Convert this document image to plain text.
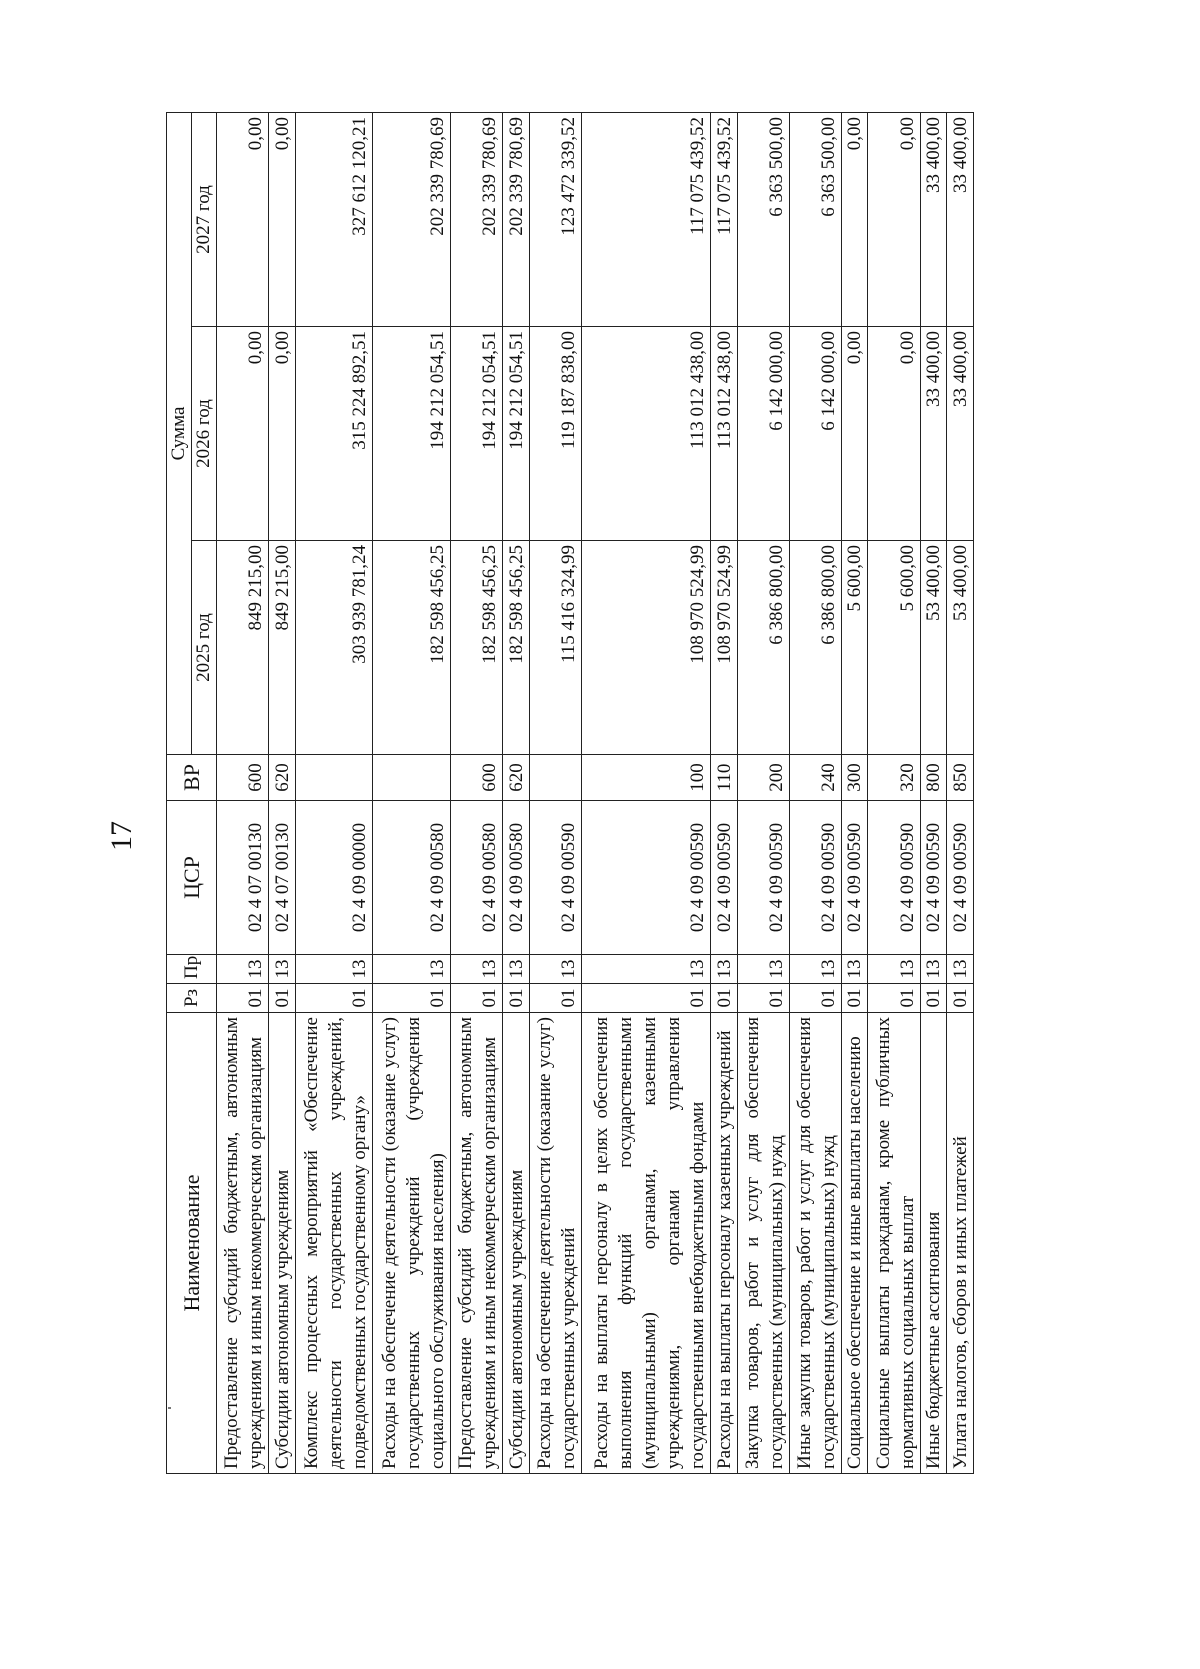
17
Наименование	Рз	Пр	ЦСР	ВР	Сумма		
					2025 год	2026 год	2027 год
Предоставление субсидий бюджетным, автономным учреждениям и иным некоммерческим организациям	01	13	02 4 07 00130	600	849 215,00	0,00	0,00
Субсидии автономным учреждениям	01	13	02 4 07 00130	620	849 215,00	0,00	0,00
Комплекс процессных мероприятий «Обеспечение деятельности государственных учреждений, подведомственных государственному органу»	01	13	02 4 09 00000		303 939 781,24	315 224 892,51	327 612 120,21
Расходы на обеспечение деятельности (оказание услуг) государственных учреждений (учреждения социального обслуживания населения)	01	13	02 4 09 00580		182 598 456,25	194 212 054,51	202 339 780,69
Предоставление субсидий бюджетным, автономным учреждениям и иным некоммерческим организациям	01	13	02 4 09 00580	600	182 598 456,25	194 212 054,51	202 339 780,69
Субсидии автономным учреждениям	01	13	02 4 09 00580	620	182 598 456,25	194 212 054,51	202 339 780,69
Расходы на обеспечение деятельности (оказание услуг) государственных учреждений	01	13	02 4 09 00590		115 416 324,99	119 187 838,00	123 472 339,52
Расходы на выплаты персоналу в целях обеспечения выполнения функций государственными (муниципальными) органами, казенными учреждениями, органами управления государственными внебюджетными фондами	01	13	02 4 09 00590	100	108 970 524,99	113 012 438,00	117 075 439,52
Расходы на выплаты персоналу казенных учреждений	01	13	02 4 09 00590	110	108 970 524,99	113 012 438,00	117 075 439,52
Закупка товаров, работ и услуг для обеспечения государственных (муниципальных) нужд	01	13	02 4 09 00590	200	6 386 800,00	6 142 000,00	6 363 500,00
Иные закупки товаров, работ и услуг для обеспечения государственных (муниципальных) нужд	01	13	02 4 09 00590	240	6 386 800,00	6 142 000,00	6 363 500,00
Социальное обеспечение и иные выплаты населению	01	13	02 4 09 00590	300	5 600,00	0,00	0,00
Социальные выплаты гражданам, кроме публичных нормативных социальных выплат	01	13	02 4 09 00590	320	5 600,00	0,00	0,00
Иные бюджетные ассигнования	01	13	02 4 09 00590	800	53 400,00	33 400,00	33 400,00
Уплата налогов, сборов и иных платежей	01	13	02 4 09 00590	850	53 400,00	33 400,00	33 400,00
